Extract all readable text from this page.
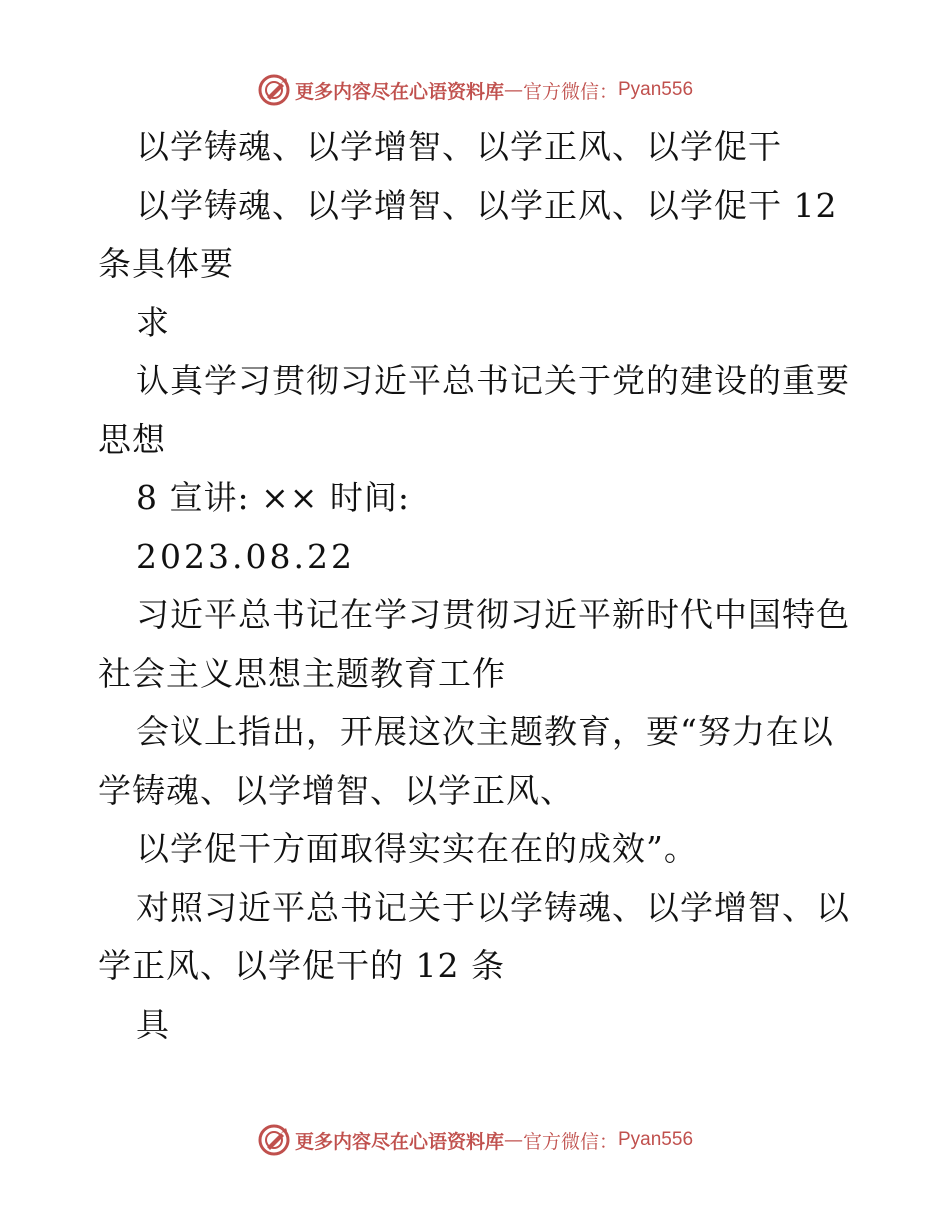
更多内容尽在心语资料库 — 官方微信： Pyan556
以学铸魂、以学增智、以学正风、以学促干
以学铸魂、以学增智、以学正风、以学促干 12
条具体要
求
认真学习贯彻习近平总书记关于党的建设的重要
思想
8 宣讲: ×× 时间:
2023.08.22
习近平总书记在学习贯彻习近平新时代中国特色
社会主义思想主题教育工作
会议上指出，开展这次主题教育，要“努力在以
学铸魂、以学增智、以学正风、
以学促干方面取得实实在在的成效”。
对照习近平总书记关于以学铸魂、以学增智、以
学正风、以学促干的 12 条
具
更多内容尽在心语资料库 — 官方微信： Pyan556
